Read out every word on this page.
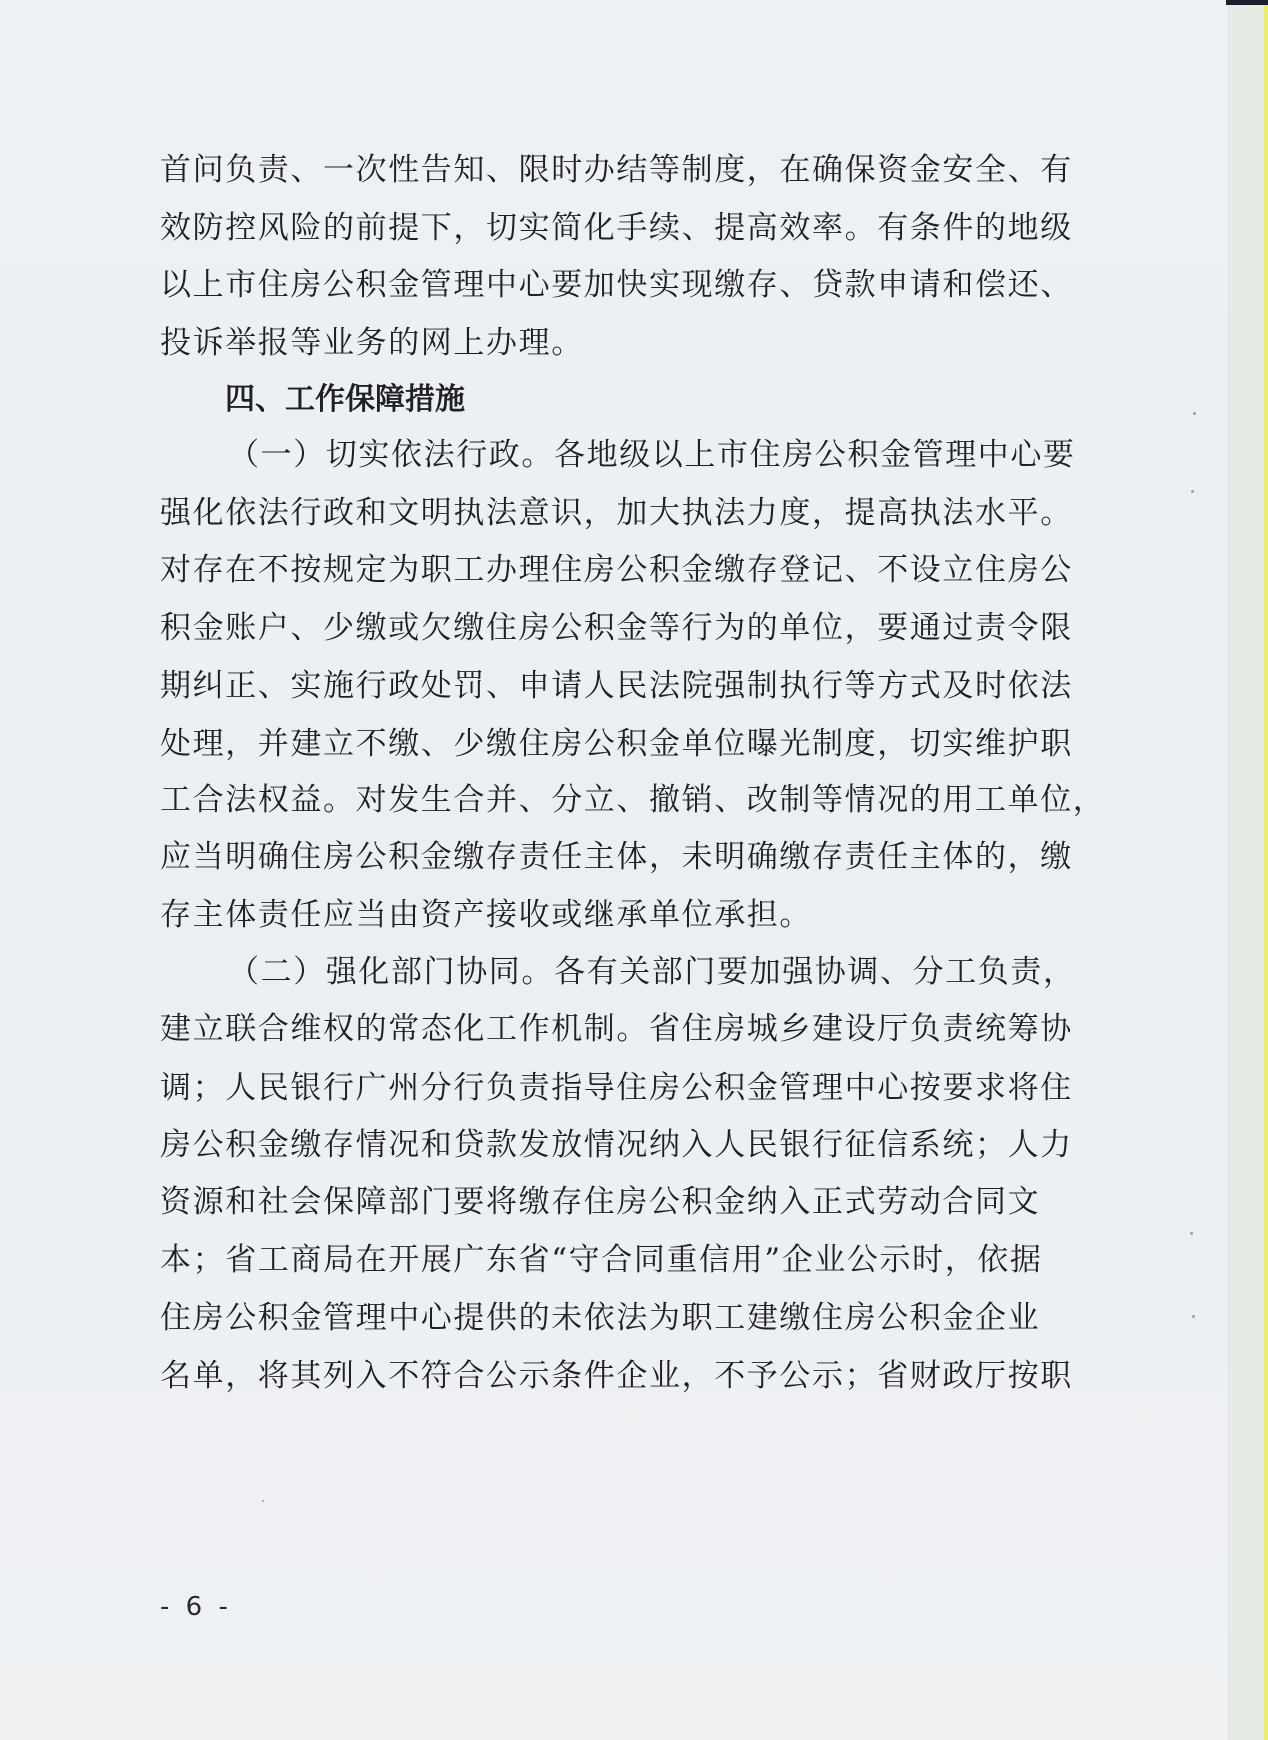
首问负责、一次性告知、限时办结等制度，在确保资金安全、有
效防控风险的前提下，切实简化手续、提高效率。有条件的地级
以上市住房公积金管理中心要加快实现缴存、贷款申请和偿还、
投诉举报等业务的网上办理。
四、工作保障措施
（一）切实依法行政。各地级以上市住房公积金管理中心要
强化依法行政和文明执法意识，加大执法力度，提高执法水平。
对存在不按规定为职工办理住房公积金缴存登记、不设立住房公
积金账户、少缴或欠缴住房公积金等行为的单位，要通过责令限
期纠正、实施行政处罚、申请人民法院强制执行等方式及时依法
处理，并建立不缴、少缴住房公积金单位曝光制度，切实维护职
工合法权益。对发生合并、分立、撤销、改制等情况的用工单位，
应当明确住房公积金缴存责任主体，未明确缴存责任主体的，缴
存主体责任应当由资产接收或继承单位承担。
（二）强化部门协同。各有关部门要加强协调、分工负责，
建立联合维权的常态化工作机制。省住房城乡建设厅负责统筹协
调；人民银行广州分行负责指导住房公积金管理中心按要求将住
房公积金缴存情况和贷款发放情况纳入人民银行征信系统；人力
资源和社会保障部门要将缴存住房公积金纳入正式劳动合同文
本；省工商局在开展广东省“守合同重信用”企业公示时，依据
住房公积金管理中心提供的未依法为职工建缴住房公积金企业
名单，将其列入不符合公示条件企业，不予公示；省财政厅按职
- 6 -
